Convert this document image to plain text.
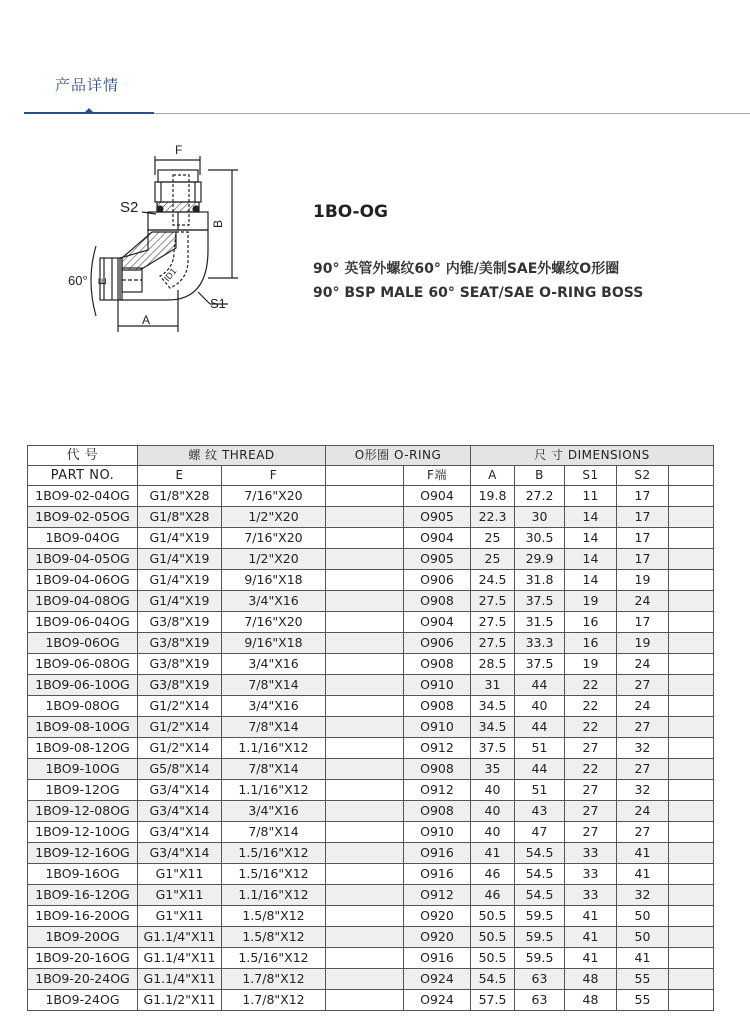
产品详情
F
ID1
B
S2
60° E
A
S1
1BO-OG
90° 英管外螺纹60° 内锥/美制SAE外螺纹O形圈
90° BSP MALE 60° SEAT/SAE O-RING BOSS
代 号	螺 纹 THREAD		O形圈 O-RING		尺 寸 DIMENSIONS				
PART NO.	E	F		F端	A	B	S1	S2	
1BO9-02-04OG	G1/8"X28	7/16"X20		O904	19.8	27.2	11	17	
1BO9-02-05OG	G1/8"X28	1/2"X20		O905	22.3	30	14	17	
1BO9-04OG	G1/4"X19	7/16"X20		O904	25	30.5	14	17	
1BO9-04-05OG	G1/4"X19	1/2"X20		O905	25	29.9	14	17	
1BO9-04-06OG	G1/4"X19	9/16"X18		O906	24.5	31.8	14	19	
1BO9-04-08OG	G1/4"X19	3/4"X16		O908	27.5	37.5	19	24	
1BO9-06-04OG	G3/8"X19	7/16"X20		O904	27.5	31.5	16	17	
1BO9-06OG	G3/8"X19	9/16"X18		O906	27.5	33.3	16	19	
1BO9-06-08OG	G3/8"X19	3/4"X16		O908	28.5	37.5	19	24	
1BO9-06-10OG	G3/8"X19	7/8"X14		O910	31	44	22	27	
1BO9-08OG	G1/2"X14	3/4"X16		O908	34.5	40	22	24	
1BO9-08-10OG	G1/2"X14	7/8"X14		O910	34.5	44	22	27	
1BO9-08-12OG	G1/2"X14	1.1/16"X12		O912	37.5	51	27	32	
1BO9-10OG	G5/8"X14	7/8"X14		O908	35	44	22	27	
1BO9-12OG	G3/4"X14	1.1/16"X12		O912	40	51	27	32	
1BO9-12-08OG	G3/4"X14	3/4"X16		O908	40	43	27	24	
1BO9-12-10OG	G3/4"X14	7/8"X14		O910	40	47	27	27	
1BO9-12-16OG	G3/4"X14	1.5/16"X12		O916	41	54.5	33	41	
1BO9-16OG	G1"X11	1.5/16"X12		O916	46	54.5	33	41	
1BO9-16-12OG	G1"X11	1.1/16"X12		O912	46	54.5	33	32	
1BO9-16-20OG	G1"X11	1.5/8"X12		O920	50.5	59.5	41	50	
1BO9-20OG	G1.1/4"X11	1.5/8"X12		O920	50.5	59.5	41	50	
1BO9-20-16OG	G1.1/4"X11	1.5/16"X12		O916	50.5	59.5	41	41	
1BO9-20-24OG	G1.1/4"X11	1.7/8"X12		O924	54.5	63	48	55	
1BO9-24OG	G1.1/2"X11	1.7/8"X12		O924	57.5	63	48	55	
